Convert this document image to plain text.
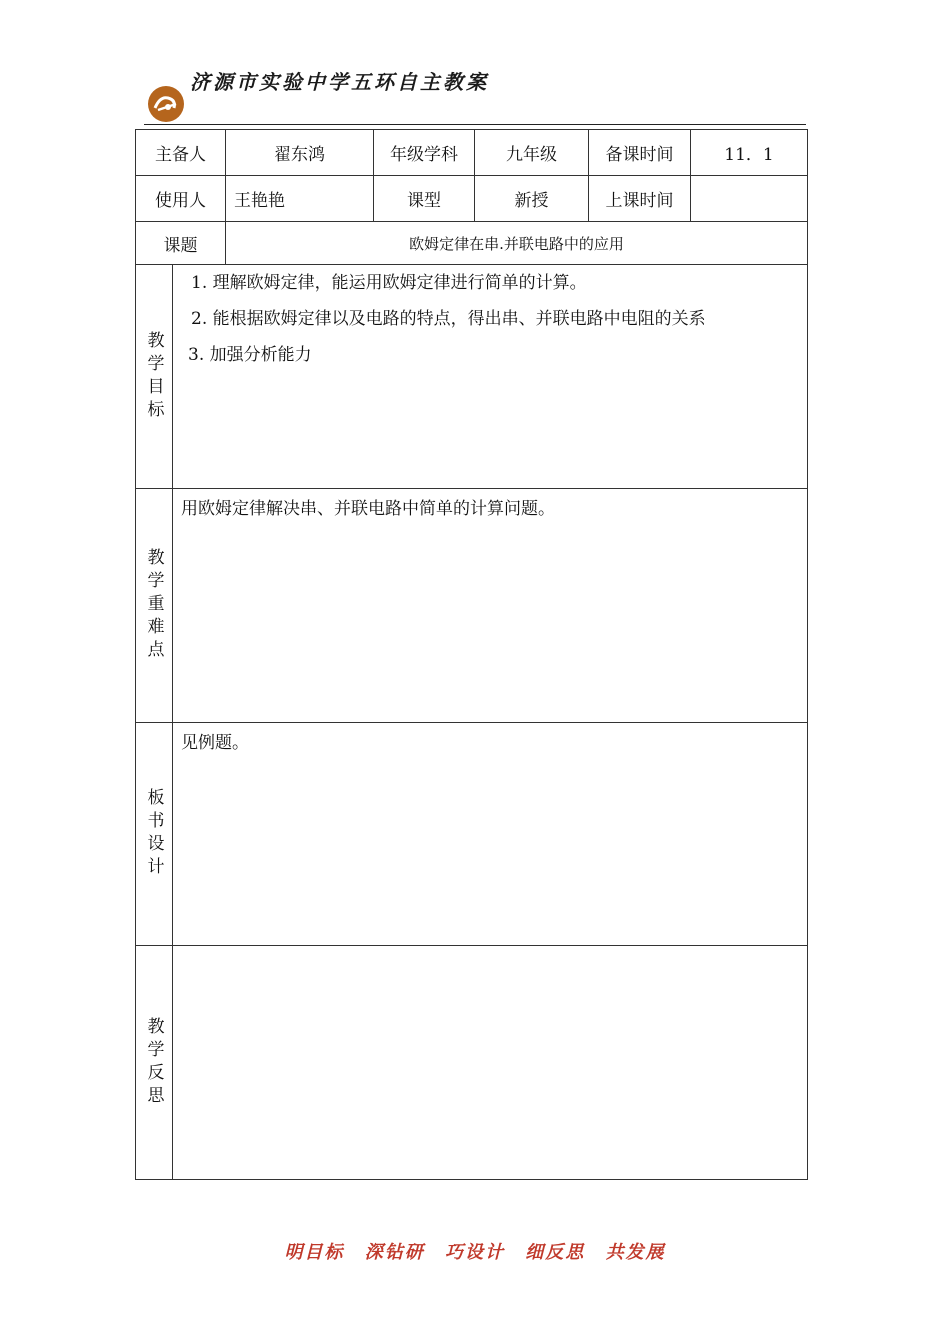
济源市实验中学五环自主教案
主备人		翟东鸿	年级学科	九年级	备课时间	11．1
使用人		王艳艳	课型	新授	上课时间	
课题		欧姆定律在串.并联电路中的应用				
教学目标	1. 理解欧姆定律，能运用欧姆定律进行简单的计算。
2. 能根据欧姆定律以及电路的特点，得出串、并联电路中电阻的关系
3. 加强分析能力					

教学重难点	用欧姆定律解决串、并联电路中简单的计算问题。					

板书设计	见例题。					

教学反思						
明目标 深钻研 巧设计 细反思 共发展
